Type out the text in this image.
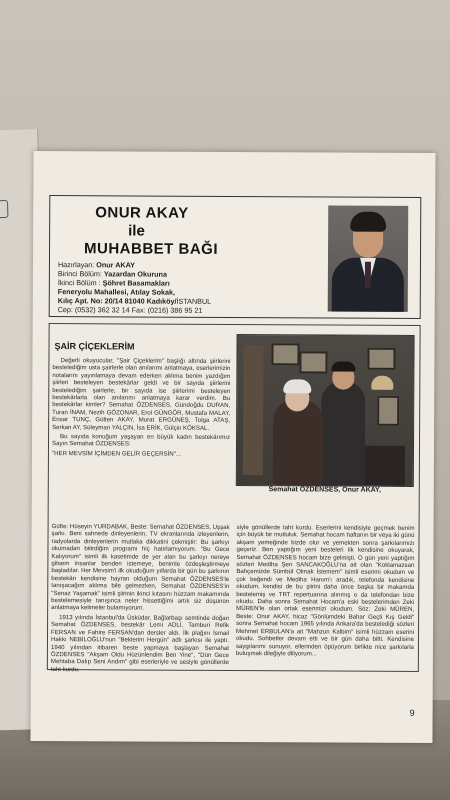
ONUR AKAY
ile
MUHABBET BAĞI
Hazırlayan: Onur AKAY
Birinci Bölüm: Yazardan Okuruna
İkinci Bölüm : Şöhret Basamakları
Feneryolu Mahallesi, Atılay Sokak,
Kılıç Apt. No: 20/14 81040 Kadıköy/İSTANBUL
Cep: (0532) 362 32 14 Fax: (0216) 386 95 21
ŞAİR ÇİÇEKLERİM

Değerli okuyucular, "Şair Çiçeklerim" başlığı altında şiirlerini bestelediğim usta şairlerle olan anılarımı anlatmaya, eserlerimizin notalarını yayınlamaya devam ederken aklıma benim yazdığım şiirleri besteleyen bestekârlar geldi ve bir sayıda şiirlerini bestelediğim şairlerle, bir sayıda ise şiirlerimi besteleyen bestekârlarla olan anılarımı anlatmaya karar verdim. Bu bestekârlar kimler? Semahat ÖZDENSES, Gündoğdu DURAN, Turan İNAM, Nezih GÖZONAR, Erol GÜNGÖR, Mustafa MALAY, Ensar TUNÇ, Gülten AKAY, Murat ERGÜNEŞ, Tolga ATAŞ, Serkan AY, Süleyman YALÇIN, İsa ERİK, Gülçin KÖKSAL.

Bu sayıda konuğum yaşayan en büyük kadın bestekârımız Sayın Semahat ÖZDENSES:

"HER MEVSİM İÇİMDEN GELİR GEÇERSİN"...

Semahat ÖZDENSES, Onur AKAY,

Güfte: Hüseyin YURDABAK, Beste: Semahat ÖZDENSES, Uşşak şarkı. Beni sahnede dinleyenlerin, TV ekranlarında izleyenlerin, radyolarda dinleyenlerin mutlaka dikkatini çekmiştir: Bu şarkıyı okumadan bitirdiğim programı hiç hatırlamıyorum. "Bu Gece Kalıyorum" isimli ilk kasetimde de yer alan bu şarkıyı nereye gitsem insanlar benden istemeye, benimle özdeşleştirmeye başladılar. Her Mevsim'i ilk okuduğum yıllarda bir gün bu şarkının bestekârı kendisine hayran olduğum Semahat ÖZDENSES'le tanışacağım aklıma bile gelmezken, Semahat ÖZDENSES'in "Senaz Yaşamak" isimli şiirinin ikinci kıtasını hüzzam makamında bestelemesiyle tanışınca neler hissettiğimi artık siz düşünün anlatmaya kelimeler bulamıyorum.

1913 yılında İstanbul'da Üsküdar, Bağlarbaşı semtinde doğan Semahat ÖZDENSES, bestekâr Lemi ADLİ, Tamburi Refik FERSAN ve Fahire FERSAN'dan dersler aldı. İlk plağını İsmail Hakkı NEBİLOĞLU'nun "Beklerim Hergün" adlı şarkısı ile yaptı. 1940 yılından itibaren beste yapmaya başlayan Semahat ÖZDENSES "Akşam Oldu Hüzünlendim Ben Yine", "Dün Gece Mehtaba Dalıp Seni Andım" gibi eserleriyle ve sesiyle gönüllerde taht kurdu.

siyle gönüllerde taht kurdu. Eserlerini kendisiyle geçmek benim için büyük bir mutluluk. Semahat hocam haftanın bir veya iki günü akşam yemeğinde bizde olur ve yemekten sonra şarkılarımızı geçeriz. Ben yaptığım yeni besteleri ilk kendisine okuyarak, Semahat ÖZDENSES hocam bize gelmişti. O gün yeni yaptığım sözleri Mediha Şen SANCAKOĞLU'na ait olan "Koklamazsan Bahçemizde Sümbül Olmak İstemem" isimli eserimi okudum ve çok beğendi ve Mediha Hanım'ı aradık, telefonda kendisine okudum, kendisi de bu şiirini daha önce başka bir makamda bestelemiş ve TRT repertuarına alınmış o da telefondan bize okudu. Daha sonra Semahat Hocam'a eski bestelerimden Zeki MÜREN'le olan ortak eserimizi okudum. Söz: Zeki MÜREN, Beste: Onur AKAY, hicaz "Gönlümdeki Bahar Geçti Kış Geldi" sonra Semahat hocam 1965 yılında Ankara'da bestelediği sözleri Mehmet ERBULAN'a ait "Mahzun Kalbim" isimli hüzzam eserini okudu. Sohbetler devam etti ve bir gün daha bitti. Kendisine saygılarımı sunuyor, ellerinden öpüyorum birlikte nice şarkılarla buluşmak dileğiyle diliyorum...

9
